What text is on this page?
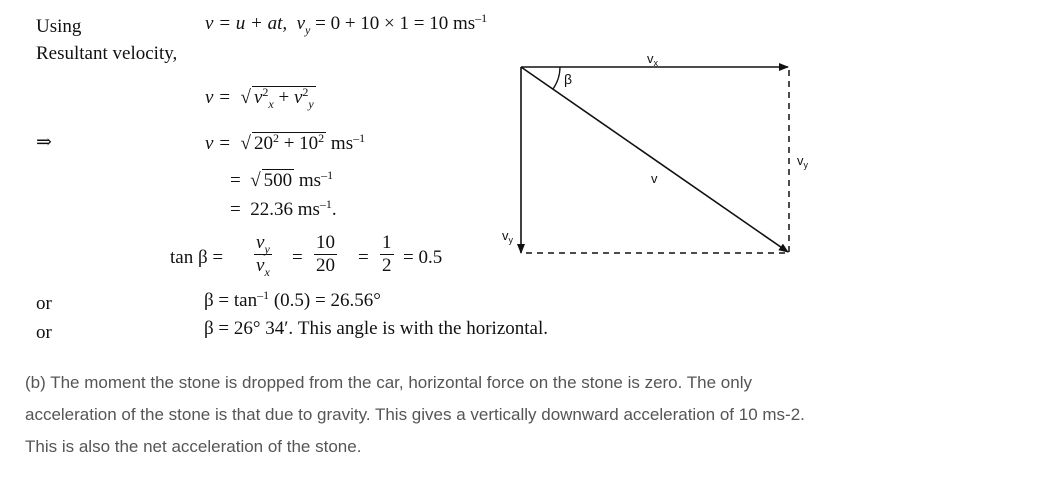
Using	v = u + at, $v_y = 0 + 10 \times 1 = 10$ $ms^{-1}$
Resultant velocity,
v =  √ $v^2_x + v^2_y$
⇒	v =  √ $20^2 + 10^2$ $ms^{-1}$
=  √ 500 $ms^{-1}$
= 22.36 $ms^{-1}$.
$\tan \beta = \frac{v_y}{v_x} = \frac{10}{20} = \frac{1}{2} = 0.5$
or	$\beta = \tan^{-1} (0.5) = 26.56^\circ$
or	β = 26° 34′. This angle is with the horizontal.
β
$v_x$
v
$v_y$
$v_y$
(b) The moment the stone is dropped from the car, horizontal force on the stone is zero. The only
acceleration of the stone is that due to gravity. This gives a vertically downward acceleration of 10 ms-2.
This is also the net acceleration of the stone.
